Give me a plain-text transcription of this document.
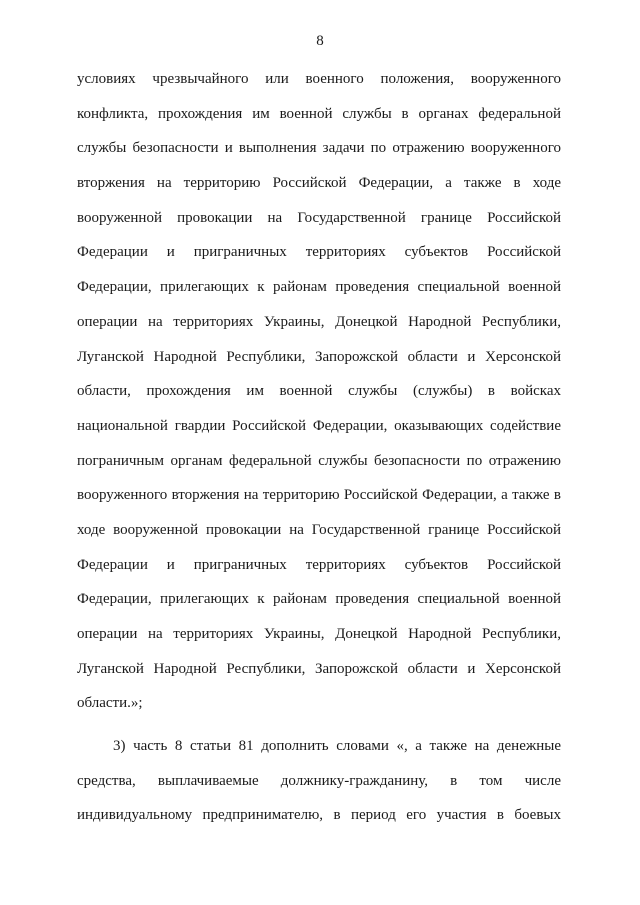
8
условиях чрезвычайного или военного положения, вооруженного
конфликта, прохождения им военной службы в органах федеральной
службы безопасности и выполнения задачи по отражению вооруженного
вторжения на территорию Российской Федерации, а также в ходе
вооруженной провокации на Государственной границе Российской
Федерации и приграничных территориях субъектов Российской
Федерации, прилегающих к районам проведения специальной военной
операции на территориях Украины, Донецкой Народной Республики,
Луганской Народной Республики, Запорожской области и Херсонской
области, прохождения им военной службы (службы) в войсках
национальной гвардии Российской Федерации, оказывающих содействие
пограничным органам федеральной службы безопасности по отражению
вооруженного вторжения на территорию Российской Федерации, а также в
ходе вооруженной провокации на Государственной границе Российской
Федерации и приграничных территориях субъектов Российской
Федерации, прилегающих к районам проведения специальной военной
операции на территориях Украины, Донецкой Народной Республики,
Луганской Народной Республики, Запорожской области и Херсонской
области.»;
3) часть 8 статьи 81 дополнить словами «, а также на денежные
средства, выплачиваемые должнику-гражданину, в том числе
индивидуальному предпринимателю, в период его участия в боевых
